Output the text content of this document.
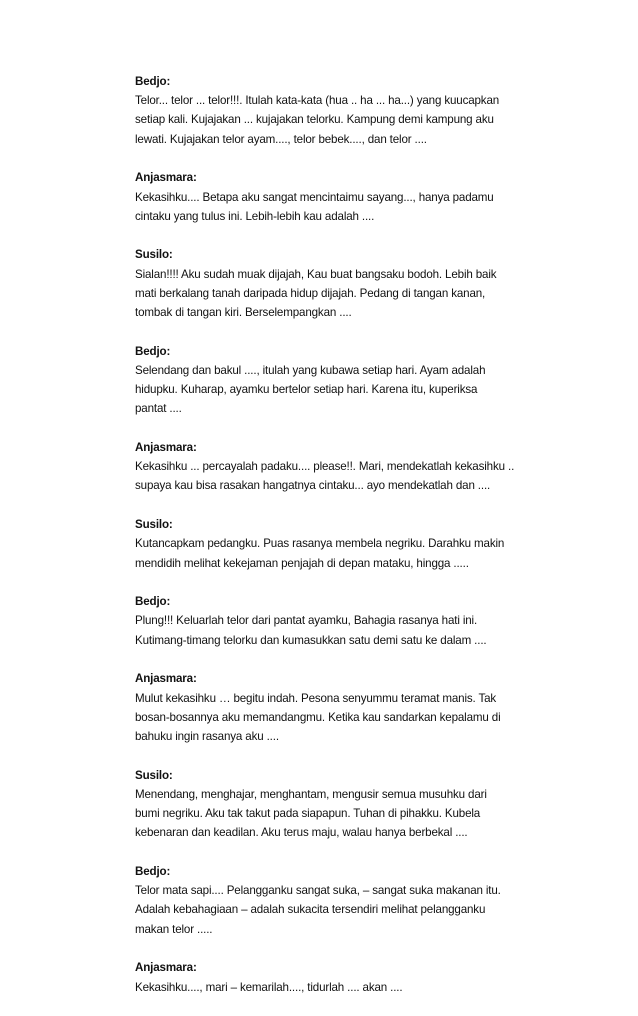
Bedjo:

Telor... telor ... telor!!!. Itulah kata-kata (hua .. ha ... ha...) yang kuucapkan

setiap kali. Kujajakan ... kujajakan telorku. Kampung demi kampung aku

lewati. Kujajakan telor ayam...., telor bebek...., dan telor ....

Anjasmara:

Kekasihku.... Betapa aku sangat mencintaimu sayang..., hanya padamu

cintaku yang tulus ini. Lebih-lebih kau adalah ....

Susilo:

Sialan!!!! Aku sudah muak dijajah, Kau buat bangsaku bodoh. Lebih baik

mati berkalang tanah daripada hidup dijajah. Pedang di tangan kanan,

tombak di tangan kiri. Berselempangkan ....

Bedjo:

Selendang dan bakul ...., itulah yang kubawa setiap hari. Ayam adalah

hidupku. Kuharap, ayamku bertelor setiap hari. Karena itu, kuperiksa

pantat ....

Anjasmara:

Kekasihku ... percayalah padaku.... please!!. Mari, mendekatlah kekasihku ..

supaya kau bisa rasakan hangatnya cintaku... ayo mendekatlah dan ....

Susilo:

Kutancapkam pedangku. Puas rasanya membela negriku. Darahku makin

mendidih melihat kekejaman penjajah di depan mataku, hingga .....

Bedjo:

Plung!!! Keluarlah telor dari pantat ayamku, Bahagia rasanya hati ini.

Kutimang-timang telorku dan kumasukkan satu demi satu ke dalam ....

Anjasmara:

Mulut kekasihku … begitu indah. Pesona senyummu teramat manis. Tak

bosan-bosannya aku memandangmu. Ketika kau sandarkan kepalamu di

bahuku ingin rasanya aku ....

Susilo:

Menendang, menghajar, menghantam, mengusir semua musuhku dari

bumi negriku. Aku tak takut pada siapapun. Tuhan di pihakku. Kubela

kebenaran dan keadilan. Aku terus maju, walau hanya berbekal ....

Bedjo:

Telor mata sapi.... Pelangganku sangat suka, – sangat suka makanan itu.

Adalah kebahagiaan – adalah sukacita tersendiri melihat pelangganku

makan telor .....

Anjasmara:

Kekasihku...., mari – kemarilah...., tidurlah .... akan ....
